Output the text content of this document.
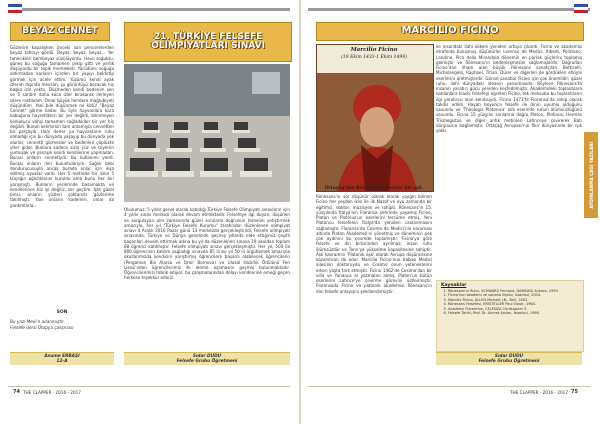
BEYAZ CENNET
Gözlerim kapalıyken önceki son pencerelerden beyaz tahtayı gördü. Beyaz, beyaz, beyaz... Yer tanecikleri bembeyaz süzülüyordu. Havu soğuktu, güneş bu soğuğu tamamen çekip gitti ve yerlik düşüyordu bir tepik memleketi. Yürüdüm, soğuğa aldırmadan karların içinden bir yapıyı beldirtip görmek için acele ettim. Yüzümü kendi ayak izlerim dışında mevsim, şu görüntüyü bozacak hiç başka izin yoktu. Düşmeden kendi bedenim sen ve 5 santim daha koca izler bırakarak ilerleyen izlere rastladım. Onlar büyük hendere mağlubiyeti düşündüm. Yani bile düşünmek ne kötü! "Beyaz Cennet" görme kadar. Bu öyle hayvanlara kara kabuğuna hayretlikleri bir yer değildi, bilinmeyen korkutucu vahşi tamamen sağladıkları bir yer hiç değildi. Bunun kelimenin tam anlamıyla cennetten bir parçaydı. Hani derler ya hayvanların ruhu olmadığı için bu dünyada yaşayıp bu dünyada yok olurlar, cennetti görmezler ve bedenleri çöplükte yiter gider. Bunlara sadece sizin yüz ve tüylerin yumuşak ve yanaşık kendi kendilerine yapmadan. Burası onların cennetiydi. Bu kullanımı yerdi. Burası onların ileri buluntularıydı. Sağlık bebi dondurucusuyla ancak burada onlar için inşa edilmiş uyuklar vardı. Her 5 metrede bir izine 5 küçeğin ağlıdıklarını kuruldu ama bunu her biri yarışmıştı. Bunların yerlerinde basamakta ve kendilerince biz iyi değiliz, zor geçtim. İşte güzel birisi, onların yüzleri çoktandır gözlerime takılmıştı. Yani onların kaderleri, onlar da yardımlarla...
SON
Bu yazı Mevi'e adanmıştır.
Felsefe dersi Ütopya çalışması
Asume ERBAŞI
12-A
21. TÜRKİYE FELSEFE OLİMPİYATLARI SINAVI
Okulumuz, 5 yıldır genel olarak katıldığı Türkiye Felsefe Olimpiyatı sınavların için 4 yıldır sınav merkezi olarak devam etmektedir. Felsefeye ilgi duyan, düşünen ve sorgulayan aim zamanında güzel sorularla doğrunun temelini yetiştirmek amacıyla, her yıl "Türkiye Felsefe Kurumu" tarafından düzenlenen olimpiyat sınavı 4 Aralık 2016 Pazar günü 13 merkezde gerçekleştirildi. Felsefe olimpiyatı sınavında, Türkiye ve Dünya genelinde geçmiş yıllarda elde ettiğimiz çeşitli başarıları devam ettirmek adına bu yıl da düzenlenen sınava 19 okuldan toplam 88 öğrenci katılmıştır. Felsefe olimpiyatı sınavı gerçekleşmiştir. Her yıl, 500 ila 800 öğrencinin katılım sağladığı sınavda 85 ili bu yıl 50 ili örgütlemek amacıyla okullarımızda kendisini yarıştırmış öğrencilere başarılı olabilecek öğrencilerin (Pergamon Bio Alarsa ve İzmir Bornova) ve Ulusal Hazırlık Ödülünü Fen Lisesi'nden öğrencilerimiz ilk eleme aşamasını geçmiş bulunmaktadır. Öğrencilerimizi tebrik ediyor, bu çalışmalarından dolayı kendilerine emeği geçen herkese teşekkür ederiz.
Sıdar DUDU
Felsefe Grubu Öğretmeni
MARCILIO FICINO
Marcilio Ficino
(19 Ekim 1433-1 Ekim 1499)
Ortaçağ'dan Rönesans'a geçişte bir ışık.
Rönesans'ın sor düşünür olarak olarak yaygın bilinen Ficino her yeşden ikisi ile ilk Nazof ve oyu zamanda bir eğitimci, doktor, müzisyen ve rahipti. Rönesans'ın 15. yüzyılında İtalya'nın Floransa şehrinde yaşamış Ficino, Platon ve Plotinus'un eserlerini tercüme etmiş, Yeni Platoncu felsefenin İtalya'da yeniden canlanmasını sağlamıştır. Floransa'da Cosimo de Medici'nin koruması altında Platon Akademisi'ni yönetmiş ve döneminin pek çok aydınını bu çevrede toplamıştır. Ficino'ya göre felsefe ve din birbirinden ayrılmaz; insan ruhu ölümsüzdür ve Tanrı'ya yükselme kapasitesine sahiptir. Aşk kavramını 'Platonik aşk' olarak Avrupa düşüncesine kazandıran da odur. Marcilio Ficino'nun babası Medici ailesinin doktoruydu ve Cosimo onun yeteneklerini erken yaşta fark etmiştir. Ficino 1462'de Cosimo'dan bir villa ve Yunanca el yazmaları almış, Platon'un bütün eserlerini Latince'ye çevirme görevini üstlenmiştir. Florensada Ficino ve platonik akademisi Rönesans'ın dini felsefe anlayışını şekillendirmiştir.
ile insandaki ilahi kökeni yeniden ortaya çıkardı. Ficino ve akademisi etrafında buluşmuş düşünürler Lorenzo de Medici, Alberti, Poliziano, Landino, Pico della Mirandola dönemin en parlak güçlerini toplamış gelmiştir ve Rönesans'ın bedenleşmesini sağlamışlardır. Doğrudan Ficino'dan ilham alan büyük Rönesans sanatçıları Botticelli, Michelangelo, Raphael, Titian, Dürer ve diğerleri de gördükleri etkiyle eserlerini üretmişlerdir. Görsel sanatlar Ficino için çok önemlidir; güzel ruhu, ilahi dünyadaki ideanın yansımasıdır. Böylece Rönesans'ta insanın yaratıcı gücü yeniden keşfedilmiştir. Akademideki toplantılara katılanlara klasik felsefeyi öğreten Ficino, tek meksubu bu toplantıların ilgi yaratıcısı olan kendisiydi. Ficino 1473'te Floransa'da rahip olarak takdis edildi. Hayatı boyunca felsefe ile dinin uyumlu olduğunu savundu ve 'Theologia Platonica' adlı eserinde ruhun ölümsüzlüğünü savundu. Ficino 15 yüzyılın sonlarına doğru Platon, Plotinus, Hermes Trismegistus ve diğer antik metinleri Latinceye çevirerek Batı dünyasına bağlamıştır. Ortaçağ Avrupası'nın fikir dünyasında bir ışık yaktı.
AYDINLANMA ÇAĞI YAZILARI
Kaynaklar
1. Rönesans'ın Ruhu, SCHWARZ Fernand, DAMKAYA Ankara, 1990.
2. Ficino'nun akademi ve sanatla ilişkisi, İstanbul, 2004.
3. Marcilio Ficino, ALLEN Michael J.B., Brill, 2002.
4. Rönesans Felsefesi, KRISTELLER Paul Oskar, 1964.
5. Academy Florentine, CELENZA Christopher S.
6. Felsefe Tarihi, Prof. Dr. Ahmet Arslan, İstanbul, 1998.
Sıdar DUDU
Felsefe Grubu Öğretmeni
74 THE CLAPPER · 2016 - 2017	THE CLAPPER · 2016 - 2017 75
